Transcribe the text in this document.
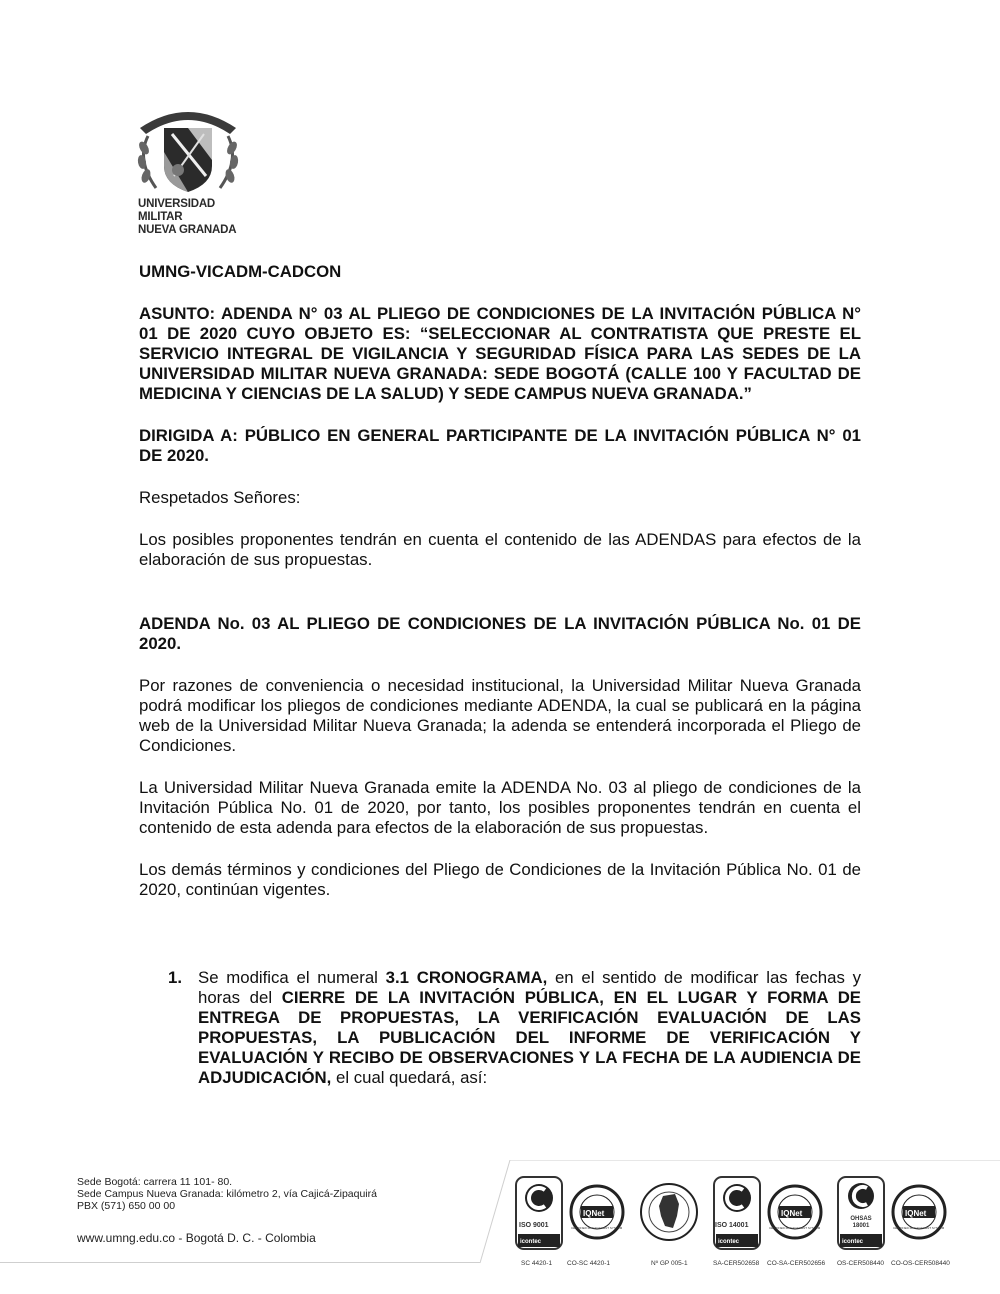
UNIVERSIDAD MILITAR
NUEVA GRANADA

UMNG-VICADM-CADCON

ASUNTO: ADENDA N° 03 AL PLIEGO DE CONDICIONES DE LA INVITACIÓN PÚBLICA N° 01 DE 2020 CUYO OBJETO ES: “SELECCIONAR AL CONTRATISTA QUE PRESTE EL SERVICIO INTEGRAL DE VIGILANCIA Y SEGURIDAD FÍSICA PARA LAS SEDES DE LA UNIVERSIDAD MILITAR NUEVA GRANADA: SEDE BOGOTÁ (CALLE 100 Y FACULTAD DE MEDICINA Y CIENCIAS DE LA SALUD) Y SEDE CAMPUS NUEVA GRANADA.”

DIRIGIDA A: PÚBLICO EN GENERAL PARTICIPANTE DE LA INVITACIÓN PÚBLICA N° 01 DE 2020.

Respetados Señores:

Los posibles proponentes tendrán en cuenta el contenido de las ADENDAS para efectos de la elaboración de sus propuestas.

ADENDA No. 03 AL PLIEGO DE CONDICIONES DE LA INVITACIÓN PÚBLICA No. 01 DE 2020.

Por razones de conveniencia o necesidad institucional, la Universidad Militar Nueva Granada podrá modificar los pliegos de condiciones mediante ADENDA, la cual se publicará en la página web de la Universidad Militar Nueva Granada; la adenda se entenderá incorporada el Pliego de Condiciones.

La Universidad Militar Nueva Granada emite la ADENDA No. 03 al pliego de condiciones de la Invitación Pública No. 01 de 2020, por tanto, los posibles proponentes tendrán en cuenta el contenido de esta adenda para efectos de la elaboración de sus propuestas.

Los demás términos y condiciones del Pliego de Condiciones de la Invitación Pública No. 01 de 2020, continúan vigentes.

1. Se modifica el numeral 3.1 CRONOGRAMA, en el sentido de modificar las fechas y horas del CIERRE DE LA INVITACIÓN PÚBLICA, EN EL LUGAR Y FORMA DE ENTREGA DE PROPUESTAS, LA VERIFICACIÓN EVALUACIÓN DE LAS PROPUESTAS, LA PUBLICACIÓN DEL INFORME DE VERIFICACIÓN Y EVALUACIÓN Y RECIBO DE OBSERVACIONES Y LA FECHA DE LA AUDIENCIA DE ADJUDICACIÓN, el cual quedará, así:
Sede Bogotá: carrera 11 101- 80.
Sede Campus Nueva Granada: kilómetro 2, vía Cajicá-Zipaquirá
PBX (571) 650 00 00
www.umng.edu.co - Bogotá D. C. - Colombia
ISO 9001
icontec
SC 4420-1
IQNet
CERTIFIED MANAGEMENT SYSTEM
CO-SC 4420-1	Nº GP 005-1
ISO 14001
icontec
SA-CER502658
IQNet
CERTIFIED MANAGEMENT SYSTEM
CO-SA-CER502656
OHSAS 18001
icontec
OS-CER508440
IQNet
CERTIFIED MANAGEMENT SYSTEM
CO-OS-CER508440
